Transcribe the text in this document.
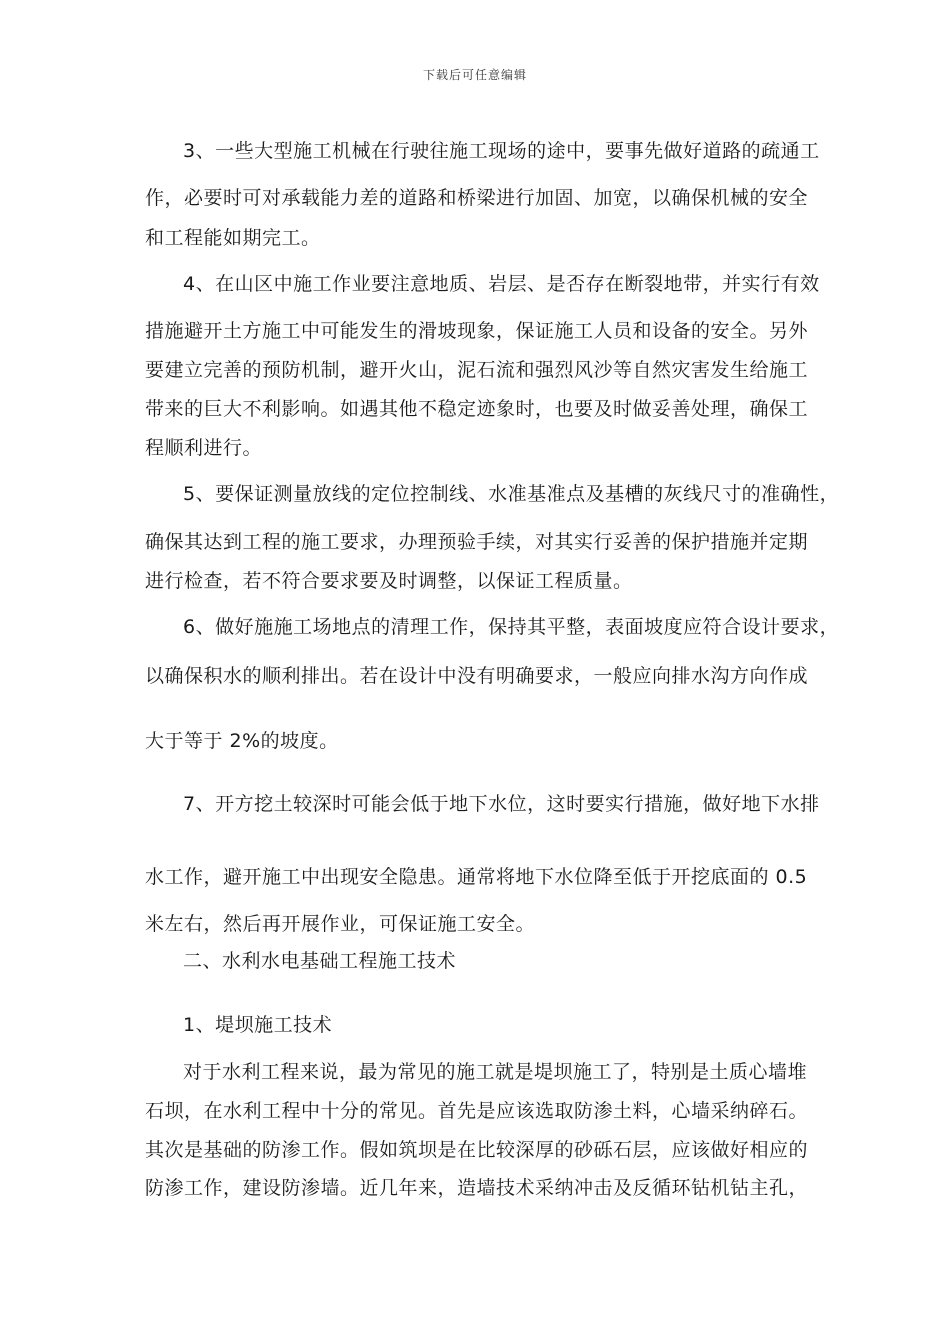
下载后可任意编辑
3、一些大型施工机械在行驶往施工现场的途中，要事先做好道路的疏通工
作，必要时可对承载能力差的道路和桥梁进行加固、加宽，以确保机械的安全
和工程能如期完工。
4、在山区中施工作业要注意地质、岩层、是否存在断裂地带，并实行有效
措施避开土方施工中可能发生的滑坡现象，保证施工人员和设备的安全。另外
要建立完善的预防机制，避开火山，泥石流和强烈风沙等自然灾害发生给施工
带来的巨大不利影响。如遇其他不稳定迹象时，也要及时做妥善处理，确保工
程顺利进行。
5、要保证测量放线的定位控制线、水准基准点及基槽的灰线尺寸的准确性，
确保其达到工程的施工要求，办理预验手续，对其实行妥善的保护措施并定期
进行检查，若不符合要求要及时调整，以保证工程质量。
6、做好施施工场地点的清理工作，保持其平整，表面坡度应符合设计要求，
以确保积水的顺利排出。若在设计中没有明确要求，一般应向排水沟方向作成
大于等于 2%的坡度。
7、开方挖土较深时可能会低于地下水位，这时要实行措施，做好地下水排
水工作，避开施工中出现安全隐患。通常将地下水位降至低于开挖底面的 0.5
米左右，然后再开展作业，可保证施工安全。
二、水利水电基础工程施工技术
1、堤坝施工技术
对于水利工程来说，最为常见的施工就是堤坝施工了，特别是土质心墙堆
石坝，在水利工程中十分的常见。首先是应该选取防渗土料，心墙采纳碎石。
其次是基础的防渗工作。假如筑坝是在比较深厚的砂砾石层，应该做好相应的
防渗工作，建设防渗墙。近几年来，造墙技术采纳冲击及反循环钻机钻主孔，
